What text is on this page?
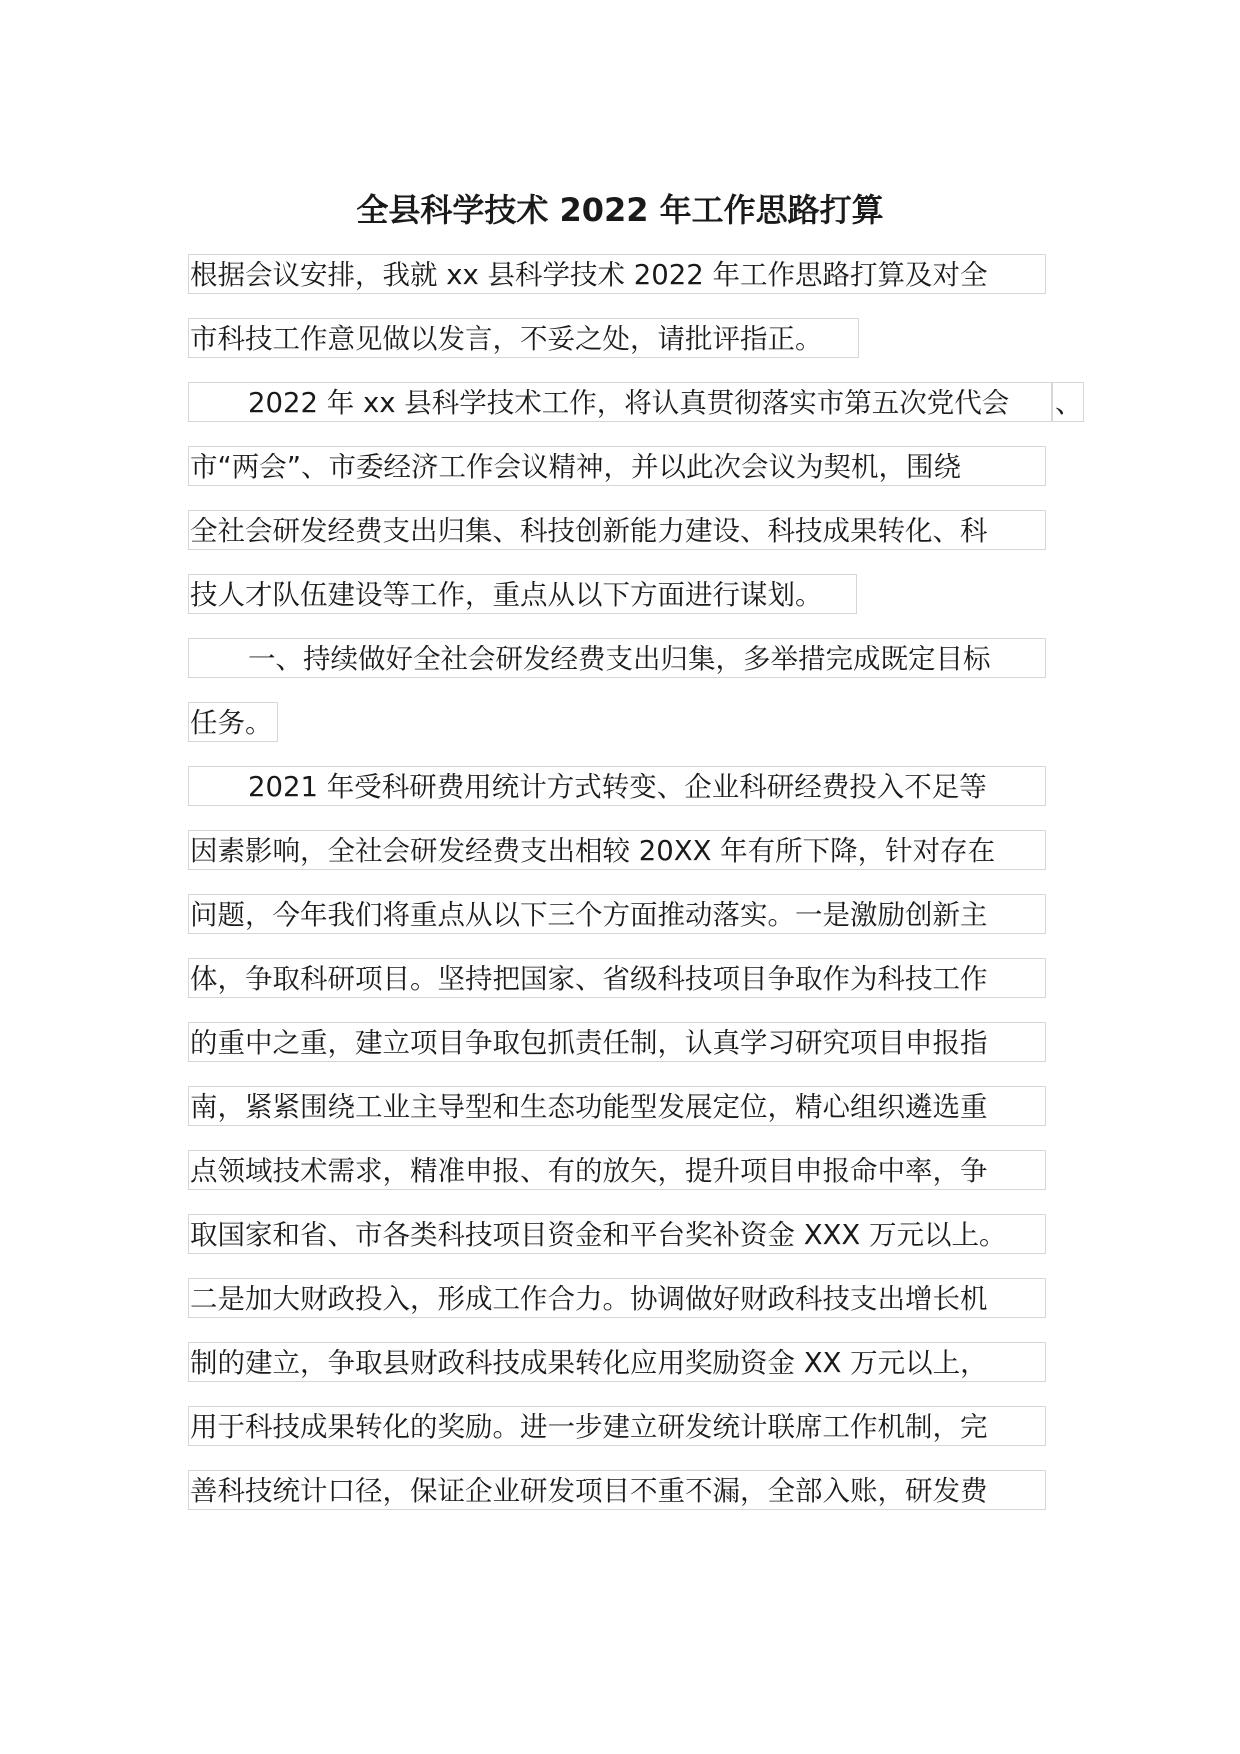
全县科学技术 2022 年工作思路打算
根据会议安排，我就 xx 县科学技术 2022 年工作思路打算及对全
市科技工作意见做以发言，不妥之处，请批评指正。
2022 年 xx 县科学技术工作，将认真贯彻落实市第五次党代会	、
市“两会”、市委经济工作会议精神，并以此次会议为契机，围绕
全社会研发经费支出归集、科技创新能力建设、科技成果转化、科
技人才队伍建设等工作，重点从以下方面进行谋划。
一、持续做好全社会研发经费支出归集，多举措完成既定目标
任务。
2021 年受科研费用统计方式转变、企业科研经费投入不足等
因素影响，全社会研发经费支出相较 20XX 年有所下降，针对存在
问题，今年我们将重点从以下三个方面推动落实。一是激励创新主
体，争取科研项目。坚持把国家、省级科技项目争取作为科技工作
的重中之重，建立项目争取包抓责任制，认真学习研究项目申报指
南，紧紧围绕工业主导型和生态功能型发展定位，精心组织遴选重
点领域技术需求，精准申报、有的放矢，提升项目申报命中率，争
取国家和省、市各类科技项目资金和平台奖补资金 XXX 万元以上。
二是加大财政投入，形成工作合力。协调做好财政科技支出增长机
制的建立，争取县财政科技成果转化应用奖励资金 XX 万元以上，
用于科技成果转化的奖励。进一步建立研发统计联席工作机制，完
善科技统计口径，保证企业研发项目不重不漏，全部入账，研发费
